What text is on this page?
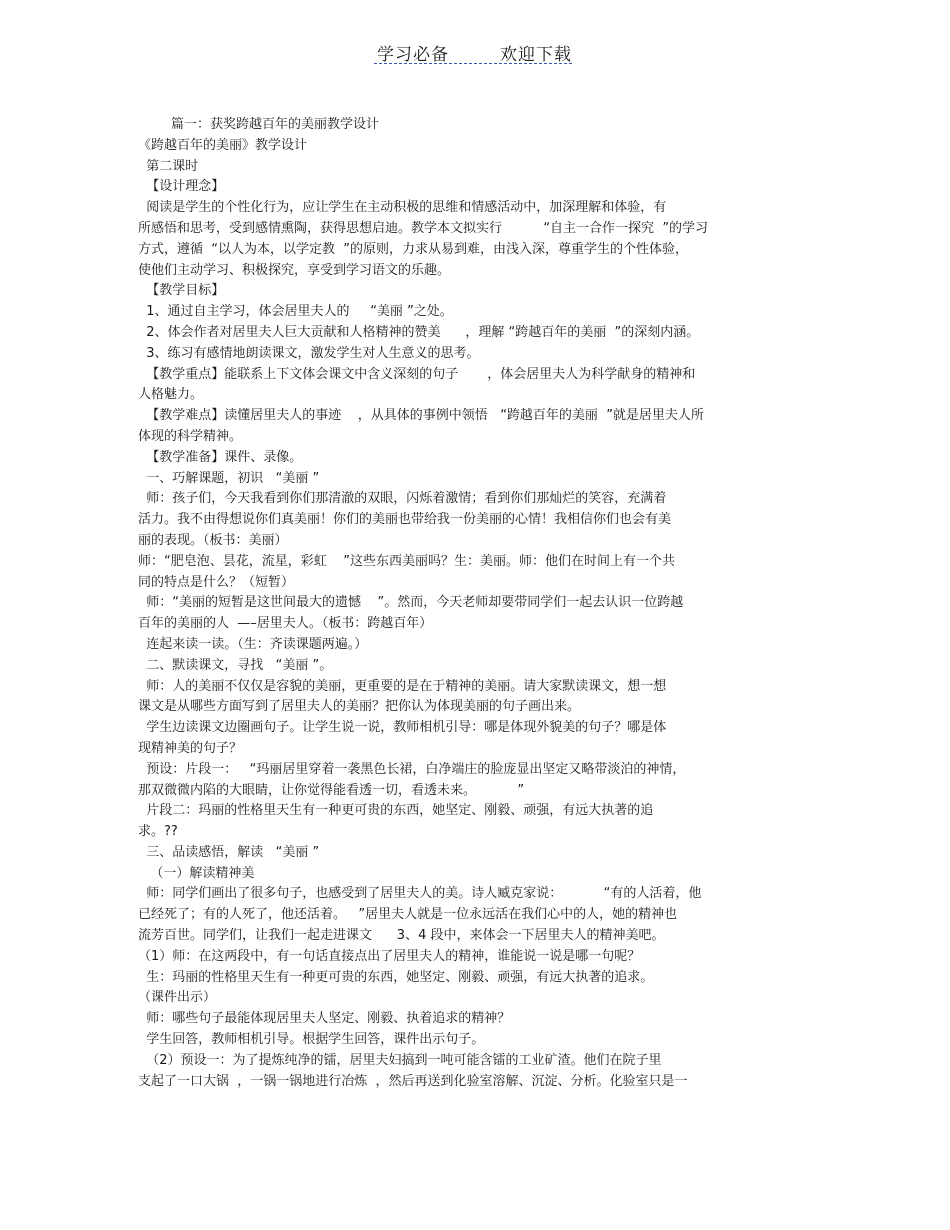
学习必备	欢迎下载
篇一：获奖跨越百年的美丽教学设计
《跨越百年的美丽》教学设计
第二课时
【设计理念】
阅读是学生的个性化行为，应让学生在主动积极的思维和情感活动中，加深理解和体验，有
所感悟和思考，受到感情熏陶，获得思想启迪。教学本文拟实行          “自主一合作一探究  ”的学习
方式，遵循  “以人为本，以学定教  ”的原则，力求从易到难，由浅入深，尊重学生的个性体验，
使他们主动学习、积极探究，享受到学习语文的乐趣。
【教学目标】
1、通过自主学习，体会居里夫人的     “美丽 ”之处。
2、体会作者对居里夫人巨大贡献和人格精神的赞美      ，理解 “跨越百年的美丽  ”的深刻内涵。
3、练习有感情地朗读课文，激发学生对人生意义的思考。
【教学重点】能联系上下文体会课文中含义深刻的句子       ，体会居里夫人为科学献身的精神和
人格魅力。
【教学难点】读懂居里夫人的事迹    ，从具体的事例中领悟   “跨越百年的美丽  ”就是居里夫人所
体现的科学精神。
【教学准备】课件、录像。
一、巧解课题，初识   “美丽 ”
师：孩子们，今天我看到你们那清澈的双眼，闪烁着激情；看到你们那灿烂的笑容，充满着
活力。我不由得想说你们真美丽！你们的美丽也带给我一份美丽的心情！我相信你们也会有美
丽的表现。（板书：美丽）
师：“肥皂泡、昙花，流星，彩虹    ”这些东西美丽吗？生：美丽。师：他们在时间上有一个共
同的特点是什么？（短暂）
师：“美丽的短暂是这世间最大的遗憾    ”。然而，今天老师却要带同学们一起去认识一位跨越
百年的美丽的人  —–居里夫人。（板书：跨越百年）
连起来读一读。（生：齐读课题两遍。）
二、默读课文，寻找   “美丽 ”。
师：人的美丽不仅仅是容貌的美丽，更重要的是在于精神的美丽。请大家默读课文，想一想
课文是从哪些方面写到了居里夫人的美丽？把你认为体现美丽的句子画出来。
学生边读课文边圈画句子。让学生说一说，教师相机引导：哪是体现外貌美的句子？哪是体
现精神美的句子？
预设：片段一：   “玛丽居里穿着一袭黑色长裙，白净端庄的脸庞显出坚定又略带淡泊的神情，
那双微微内陷的大眼睛，让你觉得能看透一切，看透未来。          ”
片段二：玛丽的性格里天生有一种更可贵的东西，她坚定、刚毅、顽强，有远大执著的追
求。??
三、品读感悟，解读   “美丽 ”
（一）解读精神美
师：同学们画出了很多句子，也感受到了居里夫人的美。诗人臧克家说：          “有的人活着，他
已经死了；有的人死了，他还活着。   ”居里夫人就是一位永远活在我们心中的人，她的精神也
流芳百世。同学们，让我们一起走进课文      3、4 段中，来体会一下居里夫人的精神美吧。
（1）师：在这两段中，有一句话直接点出了居里夫人的精神，谁能说一说是哪一句呢？
生：玛丽的性格里天生有一种更可贵的东西，她坚定、刚毅、顽强，有远大执著的追求。
（课件出示）
师：哪些句子最能体现居里夫人坚定、刚毅、执着追求的精神？
学生回答，教师相机引导。根据学生回答，课件出示句子。
（2）预设一：为了提炼纯净的镭，居里夫妇搞到一吨可能含镭的工业矿渣。他们在院子里
支起了一口大锅  ，一锅一锅地进行冶炼  ，然后再送到化验室溶解、沉淀、分析。化验室只是一
